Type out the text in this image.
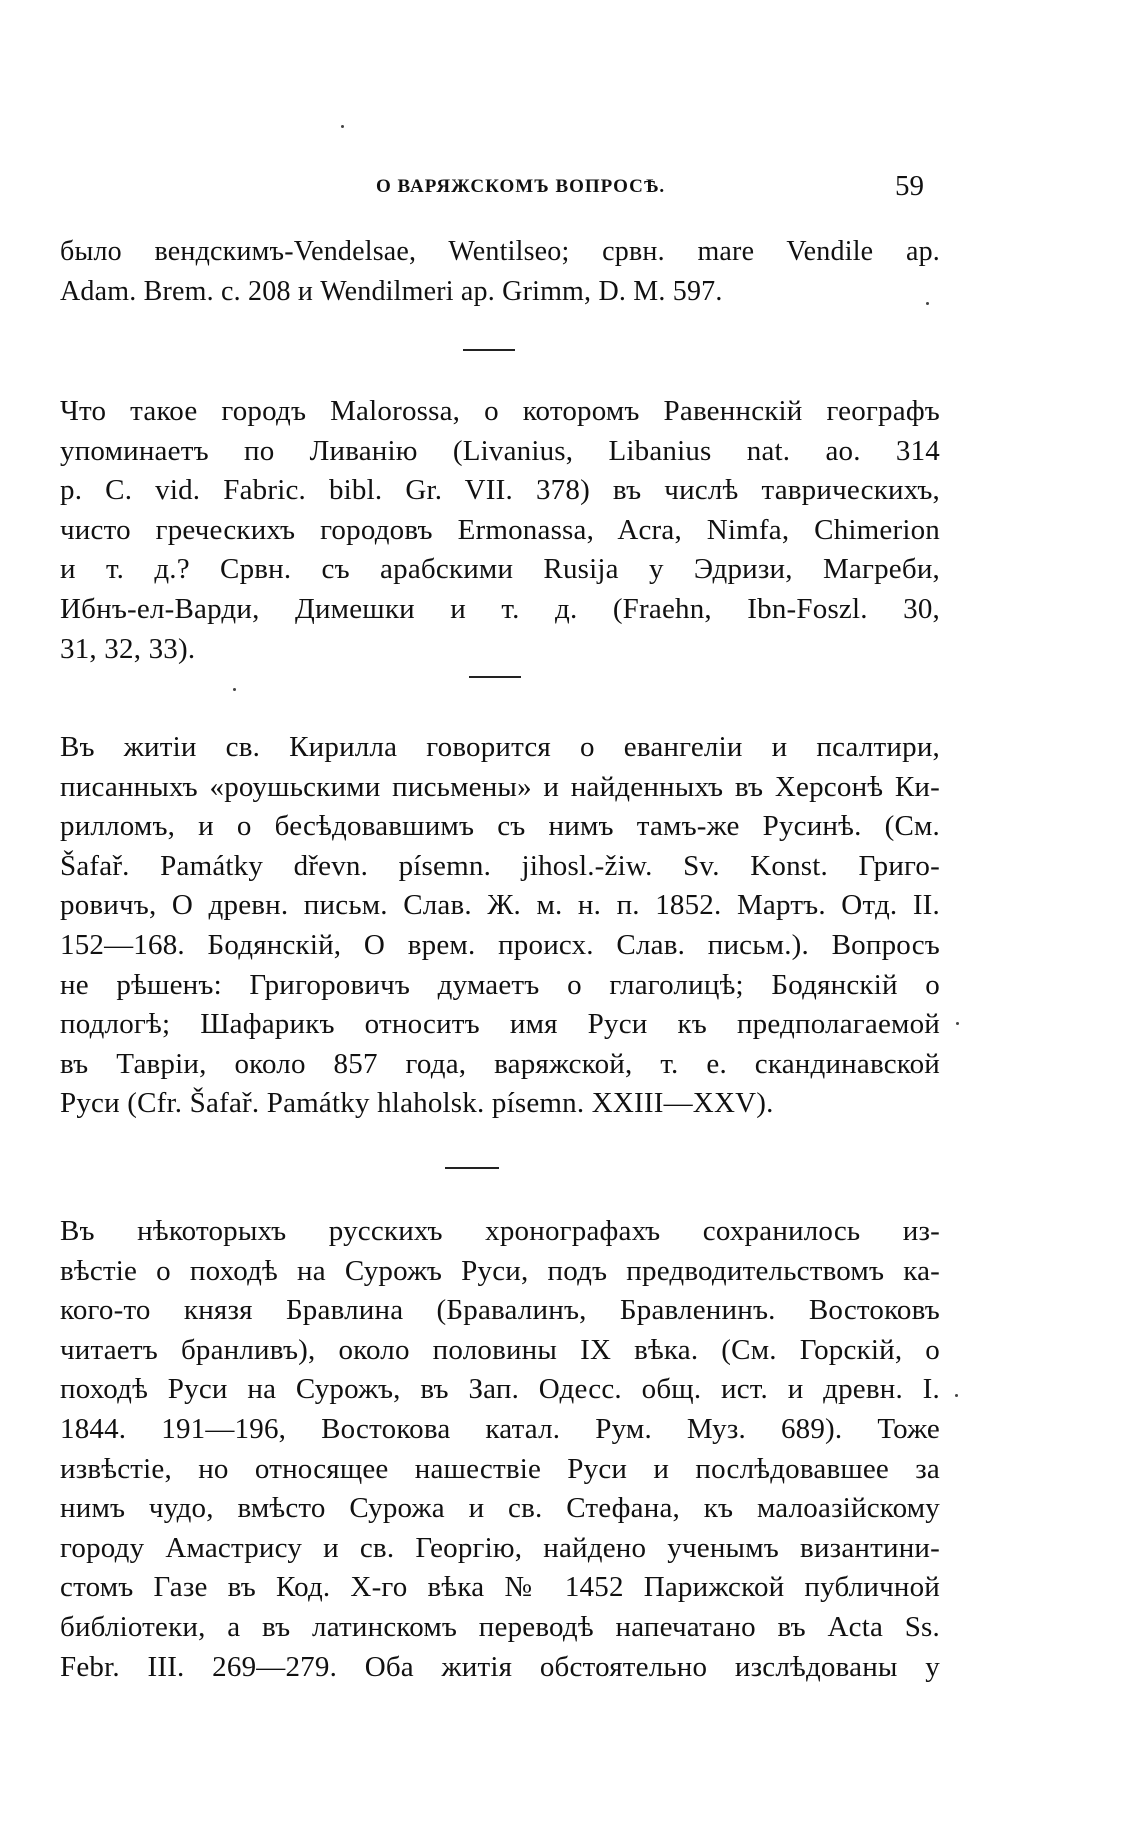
О ВАРЯЖСКОМЪ ВОПРОСѢ.	59
было вендскимъ-Vendelsae, Wentilseo; срвн. mare Vendile ap.
Adam. Brem. c. 208 и Wendilmeri ap. Grimm, D. M. 597.
Что такое городъ Malorossa, о которомъ Равеннскій географъ
упоминаетъ по Ливанію (Livanius, Libanius nat. ao. 314
p. C. vid. Fabric. bibl. Gr. VII. 378) въ числѣ таврическихъ,
чисто греческихъ городовъ Ermonassa, Acra, Nimfa, Chimerion
и т. д.? Срвн. съ арабскими Rusija у Эдризи, Магреби,
Ибнъ-ел-Варди, Димешки и т. д. (Fraehn, Ibn-Foszl. 30,
31, 32, 33).
Въ житіи св. Кирилла говорится о евангеліи и псалтири,
писанныхъ «роушьскими письмены» и найденныхъ въ Херсонѣ Ки-
рилломъ, и о бесѣдовавшимъ съ нимъ тамъ-же Русинѣ. (См.
Šafař. Památky dřevn. písemn. jihosl.-žiw. Sv. Konst. Григо-
ровичъ, О древн. письм. Слав. Ж. м. н. п. 1852. Мартъ. Отд. II.
152—168. Бодянскій, О врем. происх. Слав. письм.). Вопросъ
не рѣшенъ: Григоровичъ думаетъ о глаголицѣ; Бодянскій о
подлогѣ; Шафарикъ относитъ имя Руси къ предполагаемой
въ Тавріи, около 857 года, варяжской, т. е. скандинавской
Руси (Cfr. Šafař. Památky hlaholsk. písemn. XXIII—XXV).
Въ нѣкоторыхъ русскихъ хронографахъ сохранилось из-
вѣстіе о походѣ на Сурожъ Руси, подъ предводительствомъ ка-
кого-то князя Бравлина (Бравалинъ, Бравленинъ. Востоковъ
читаетъ бранливъ), около половины IX вѣка. (См. Горскій, о
походѣ Руси на Сурожъ, въ Зап. Одесс. общ. ист. и древн. I.
1844. 191—196, Востокова катал. Рум. Муз. 689). Тоже
извѣстіе, но относящее нашествіе Руси и послѣдовавшее за
нимъ чудо, вмѣсто Сурожа и св. Стефана, къ малоазійскому
городу Амастрису и св. Георгію, найдено ученымъ византини-
стомъ Газе въ Код. X-го вѣка № 1452 Парижской публичной
библіотеки, а въ латинскомъ переводѣ напечатано въ Acta Ss.
Febr. III. 269—279. Оба житія обстоятельно изслѣдованы у
